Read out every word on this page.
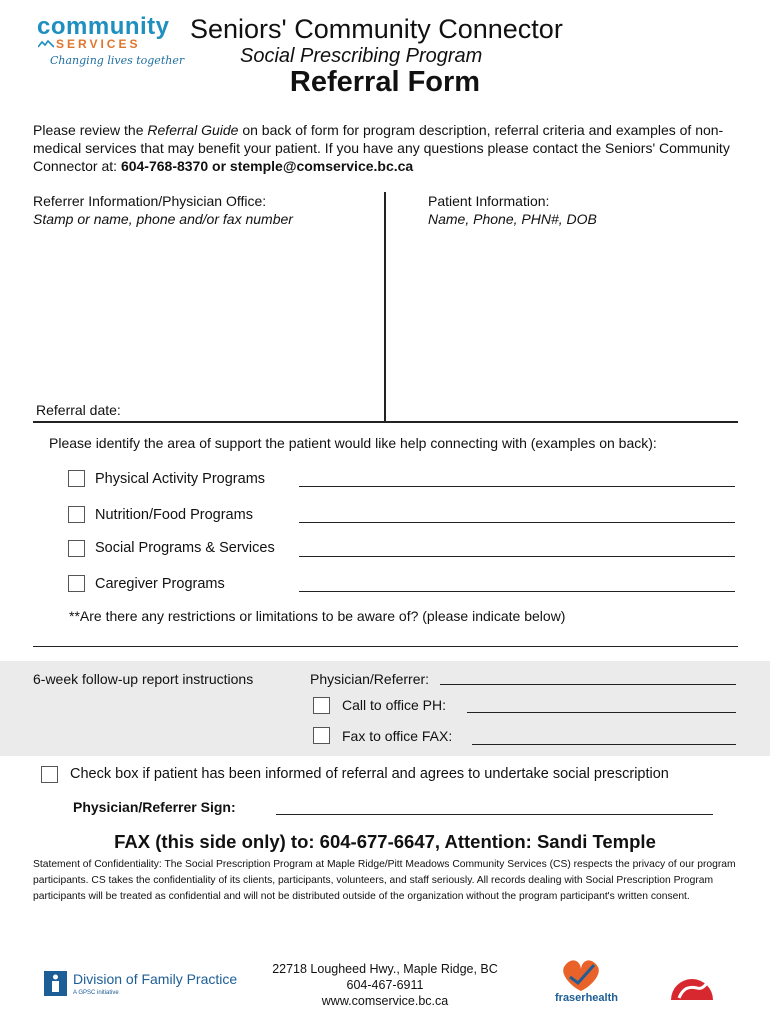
community
SERVICES
Changing lives together
Seniors' Community Connector
Social Prescribing Program
Referral Form
Please review the Referral Guide on back of form for program description, referral criteria and examples of non-medical services that may benefit your patient. If you have any questions please contact the Seniors' Community Connector at: 604-768-8370 or stemple@comservice.bc.ca
Referrer Information/Physician Office:
Stamp or name, phone and/or fax number
Patient Information:
Name, Phone, PHN#, DOB
Referral date:
Please identify the area of support the patient would like help connecting with (examples on back):
Physical Activity Programs
Nutrition/Food Programs
Social Programs & Services
Caregiver Programs
**Are there any restrictions or limitations to be aware of? (please indicate below)
6-week follow-up report instructions	Physician/Referrer:
Call to office PH:
Fax to office FAX:
Check box if patient has been informed of referral and agrees to undertake social prescription
Physician/Referrer Sign:
FAX (this side only) to: 604-677-6647, Attention: Sandi Temple
Statement of Confidentiality: The Social Prescription Program at Maple Ridge/Pitt Meadows Community Services (CS) respects the privacy of our program participants. CS takes the confidentiality of its clients, participants, volunteers, and staff seriously. All records dealing with Social Prescription Program participants will be treated as confidential and will not be distributed outside of the organization without the program participant's written consent.
22718 Lougheed Hwy., Maple Ridge, BC
604-467-6911
www.comservice.bc.ca
Division of Family Practice
A GPSC initiative	fraserhealth
